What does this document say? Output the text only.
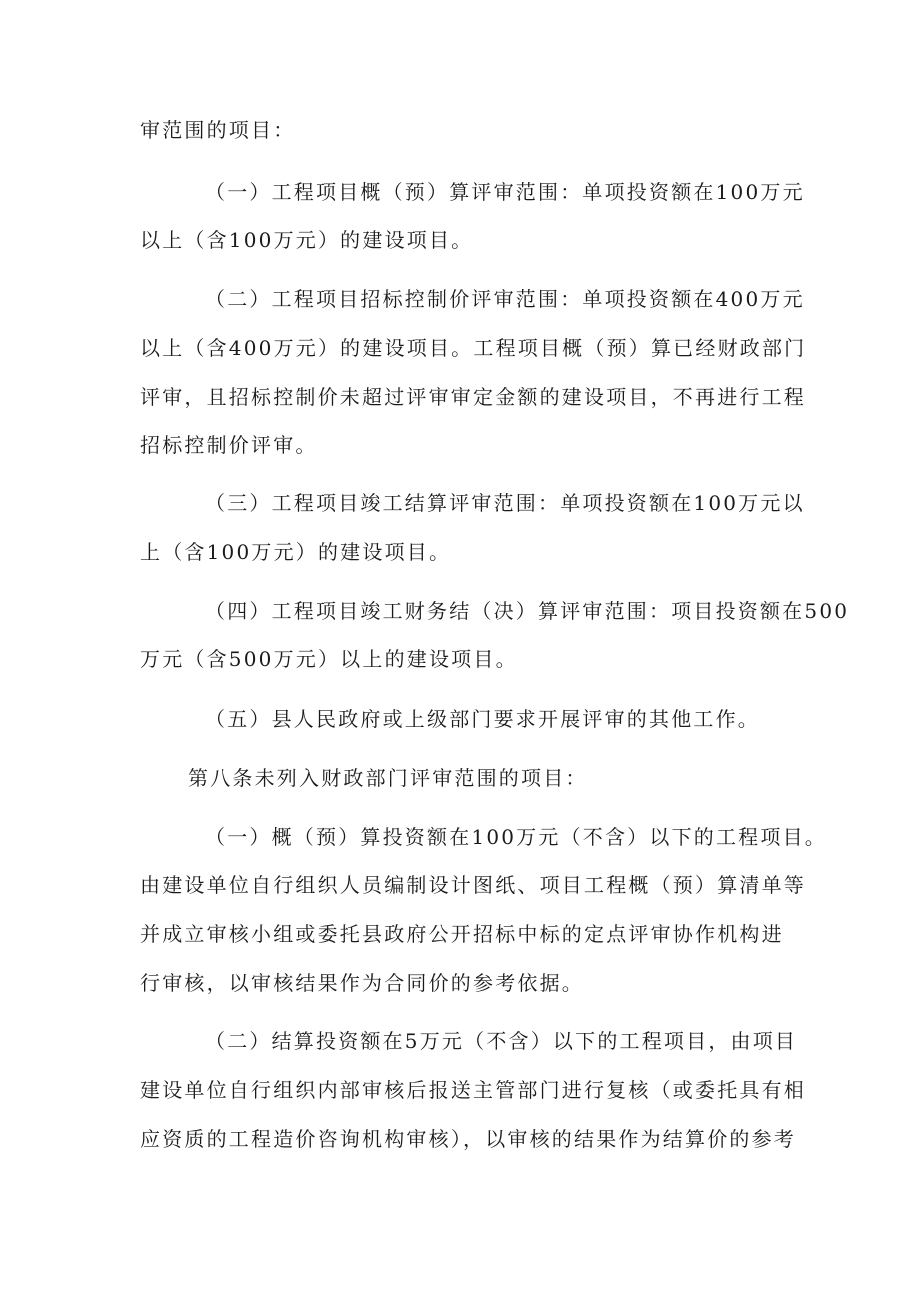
审范围的项目：

（一）工程项目概（预）算评审范围：单项投资额在100万元

以上（含100万元）的建设项目。

（二）工程项目招标控制价评审范围：单项投资额在400万元

以上（含400万元）的建设项目。工程项目概（预）算已经财政部门

评审，且招标控制价未超过评审审定金额的建设项目，不再进行工程

招标控制价评审。

（三）工程项目竣工结算评审范围：单项投资额在100万元以

上（含100万元）的建设项目。

（四）工程项目竣工财务结（决）算评审范围：项目投资额在500

万元（含500万元）以上的建设项目。

（五）县人民政府或上级部门要求开展评审的其他工作。

第八条未列入财政部门评审范围的项目：

（一）概（预）算投资额在100万元（不含）以下的工程项目。

由建设单位自行组织人员编制设计图纸、项目工程概（预）算清单等

并成立审核小组或委托县政府公开招标中标的定点评审协作机构进

行审核，以审核结果作为合同价的参考依据。

（二）结算投资额在5万元（不含）以下的工程项目，由项目

建设单位自行组织内部审核后报送主管部门进行复核（或委托具有相

应资质的工程造价咨询机构审核），以审核的结果作为结算价的参考
